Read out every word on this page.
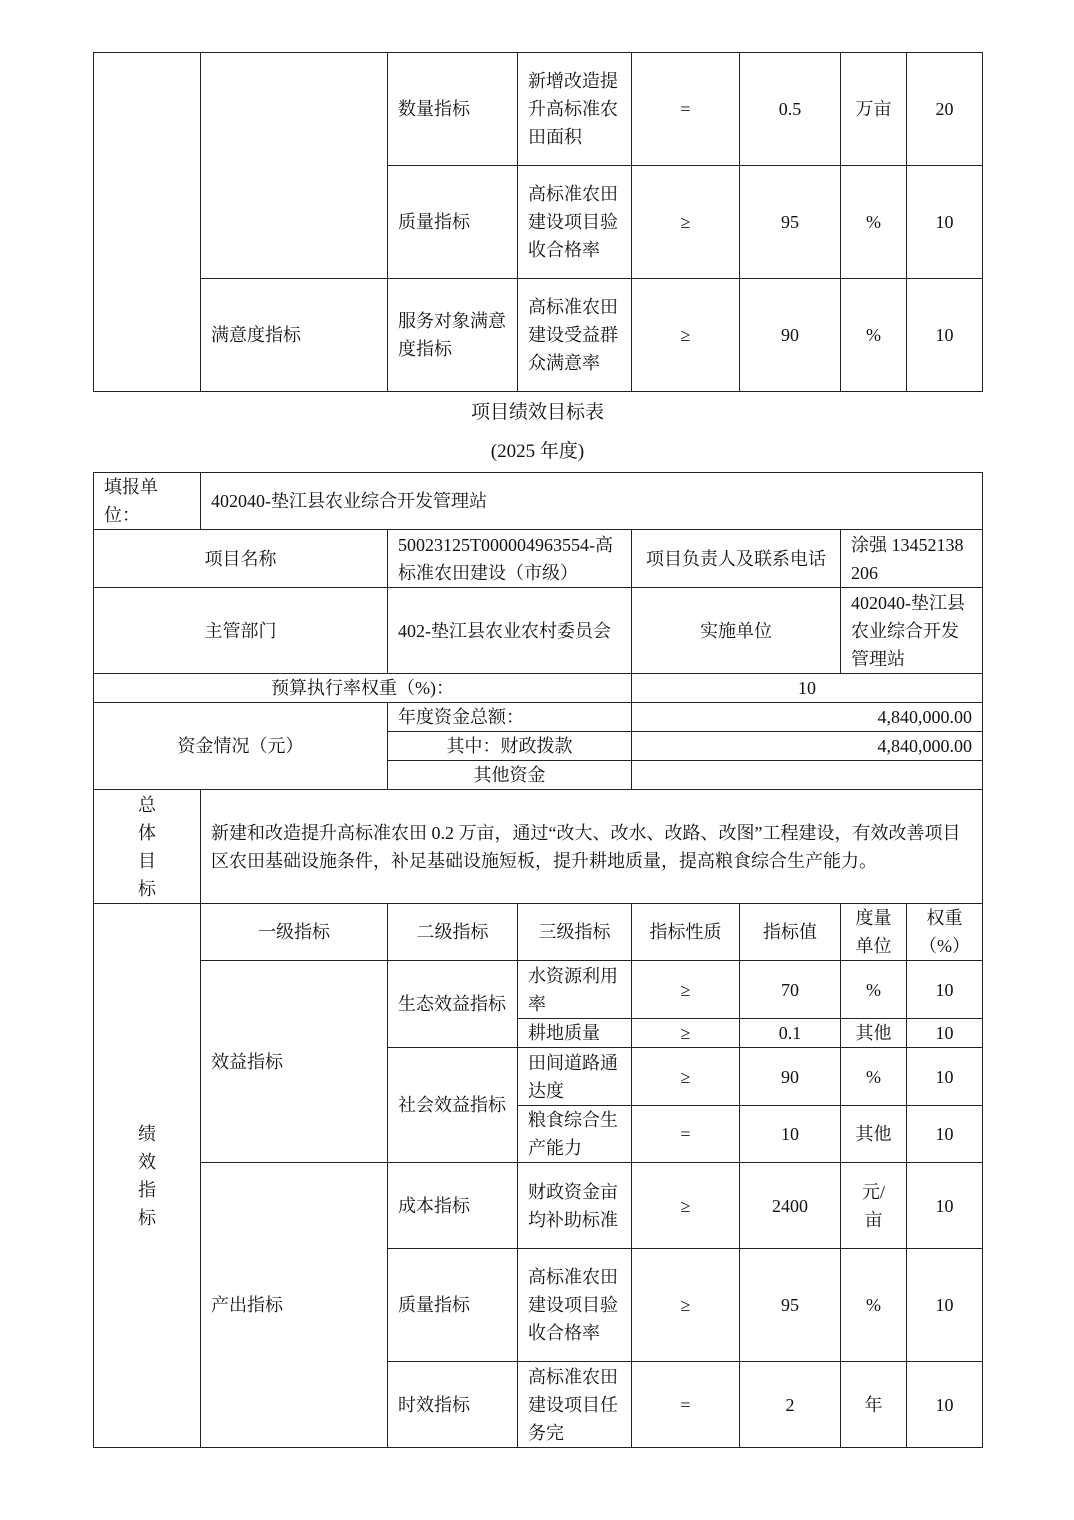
		数量指标	新增改造提升高标准农田面积	=	0.5	万亩	20
		质量指标	高标准农田建设项目验收合格率	≥	95	%	10
	满意度指标	服务对象满意度指标	高标准农田建设受益群众满意率	≥	90	%	10
项目绩效目标表
(2025 年度)
填报单位：	402040-垫江县农业综合开发管理站						
项目名称		50023125T000004963554-高标准农田建设（市级）		项目负责人及联系电话		涂强 13452138206	
主管部门		402-垫江县农业农村委员会		实施单位		402040-垫江县农业综合开发管理站	
预算执行率权重（%)：				10			
资金情况（元）		年度资金总额：		4,840,000.00			
		其中：财政拨款		4,840,000.00			
		其他资金					

总体目标	新建和改造提升高标准农田 0.2 万亩，通过“改大、改水、改路、改图”工程建设，有效改善项目区农田基础设施条件，补足基础设施短板，提升耕地质量，提高粮食综合生产能力。						

绩效指标	一级指标	二级指标	三级指标	指标性质	指标值	度量单位	权重（%）
	效益指标	生态效益指标	水资源利用率	≥	70	%	10
			耕地质量	≥	0.1	其他	10
		社会效益指标	田间道路通达度	≥	90	%	10
			粮食综合生产能力	=	10	其他	10
	产出指标	成本指标	财政资金亩均补助标准	≥	2400	元/亩	10
		质量指标	高标准农田建设项目验收合格率	≥	95	%	10
		时效指标	高标准农田建设项目任务完	=	2	年	10
